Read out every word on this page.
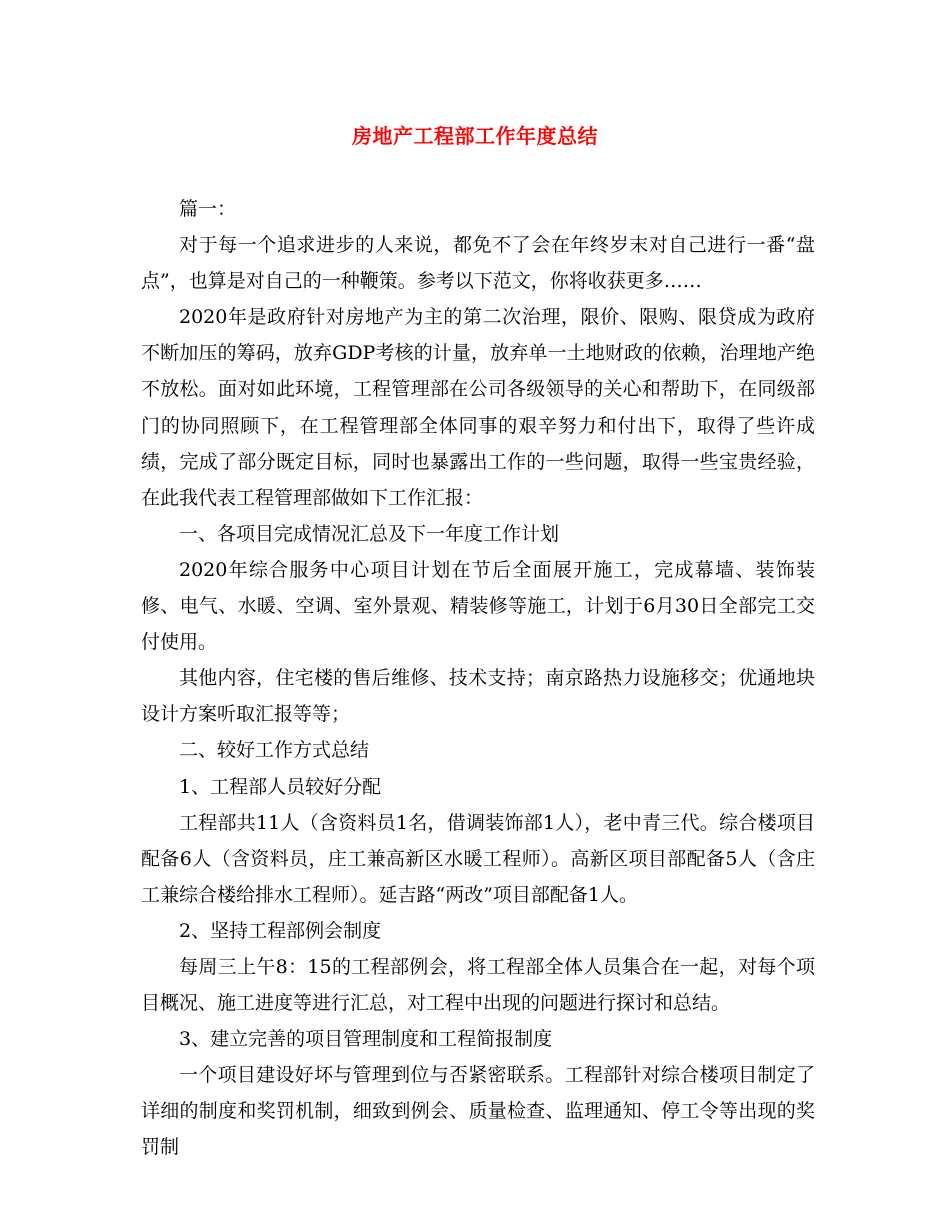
房地产工程部工作年度总结

篇一：

对于每一个追求进步的人来说，都免不了会在年终岁末对自己进行一番“盘点”，也算是对自己的一种鞭策。参考以下范文，你将收获更多……

2020年是政府针对房地产为主的第二次治理，限价、限购、限贷成为政府不断加压的筹码，放弃GDP考核的计量，放弃单一土地财政的依赖，治理地产绝不放松。面对如此环境，工程管理部在公司各级领导的关心和帮助下，在同级部门的协同照顾下，在工程管理部全体同事的艰辛努力和付出下，取得了些许成绩，完成了部分既定目标，同时也暴露出工作的一些问题，取得一些宝贵经验，在此我代表工程管理部做如下工作汇报：

一、各项目完成情况汇总及下一年度工作计划

2020年综合服务中心项目计划在节后全面展开施工，完成幕墙、装饰装修、电气、水暖、空调、室外景观、精装修等施工，计划于6月30日全部完工交付使用。

其他内容，住宅楼的售后维修、技术支持；南京路热力设施移交；优通地块设计方案听取汇报等等；

二、较好工作方式总结

1、工程部人员较好分配

工程部共11人（含资料员1名，借调装饰部1人），老中青三代。综合楼项目配备6人（含资料员，庄工兼高新区水暖工程师）。高新区项目部配备5人（含庄工兼综合楼给排水工程师）。延吉路“两改”项目部配备1人。

2、坚持工程部例会制度

每周三上午8：15的工程部例会，将工程部全体人员集合在一起，对每个项目概况、施工进度等进行汇总，对工程中出现的问题进行探讨和总结。

3、建立完善的项目管理制度和工程简报制度

一个项目建设好坏与管理到位与否紧密联系。工程部针对综合楼项目制定了详细的制度和奖罚机制，细致到例会、质量检查、监理通知、停工令等出现的奖罚制
